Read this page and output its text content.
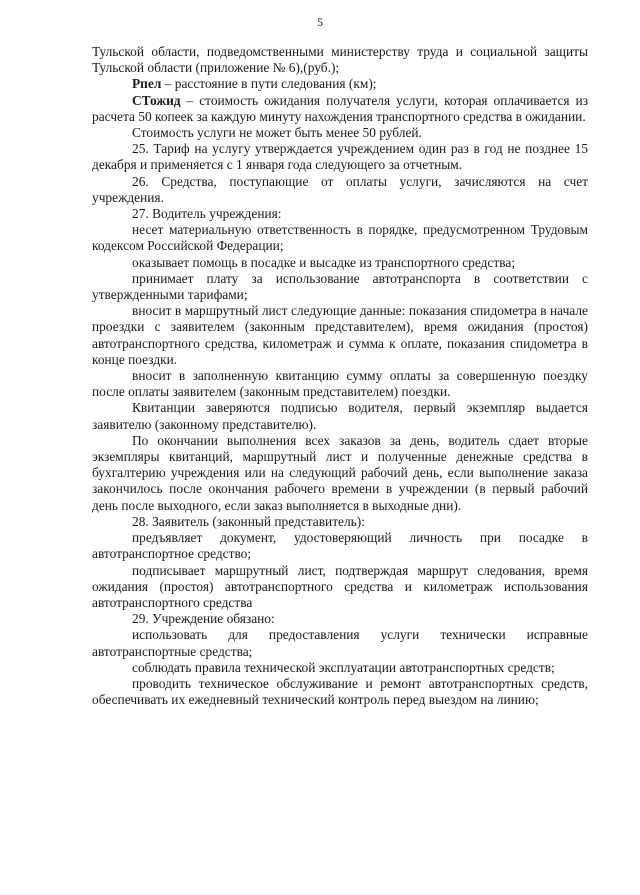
5

Тульской области, подведомственными министерству труда и социальной защиты Тульской области (приложение № 6),(руб.);

Рпел – расстояние в пути следования (км);

СТожид – стоимость ожидания получателя услуги, которая оплачивается из расчета 50 копеек за каждую минуту нахождения транспортного средства в ожидании.

Стоимость услуги не может быть менее 50 рублей.

25. Тариф на услугу утверждается учреждением один раз в год не позднее 15 декабря и применяется с 1 января года следующего за отчетным.

26. Средства, поступающие от оплаты услуги, зачисляются на счет учреждения.

27. Водитель учреждения:

несет материальную ответственность в порядке, предусмотренном Трудовым кодексом Российской Федерации;

оказывает помощь в посадке и высадке из транспортного средства;

принимает плату за использование автотранспорта в соответствии с утвержденными тарифами;

вносит в маршрутный лист следующие данные: показания спидометра в начале проездки с заявителем (законным представителем), время ожидания (простоя) автотранспортного средства, километраж и сумма к оплате, показания спидометра в конце поездки.

вносит в заполненную квитанцию сумму оплаты за совершенную поездку после оплаты заявителем (законным представителем) поездки.

Квитанции заверяются подписью водителя, первый экземпляр выдается заявителю (законному представителю).

По окончании выполнения всех заказов за день, водитель сдает вторые экземпляры квитанций, маршрутный лист и полученные денежные средства в бухгалтерию учреждения или на следующий рабочий день, если выполнение заказа закончилось после окончания рабочего времени в учреждении (в первый рабочий день после выходного, если заказ выполняется в выходные дни).

28. Заявитель (законный представитель):

предъявляет документ, удостоверяющий личность при посадке в автотранспортное средство;

подписывает маршрутный лист, подтверждая маршрут следования, время ожидания (простоя) автотранспортного средства и километраж использования автотранспортного средства

29. Учреждение обязано:

использовать для предоставления услуги технически исправные автотранспортные средства;

соблюдать правила технической эксплуатации автотранспортных средств;

проводить техническое обслуживание и ремонт автотранспортных средств, обеспечивать их ежедневный технический контроль перед выездом на линию;
